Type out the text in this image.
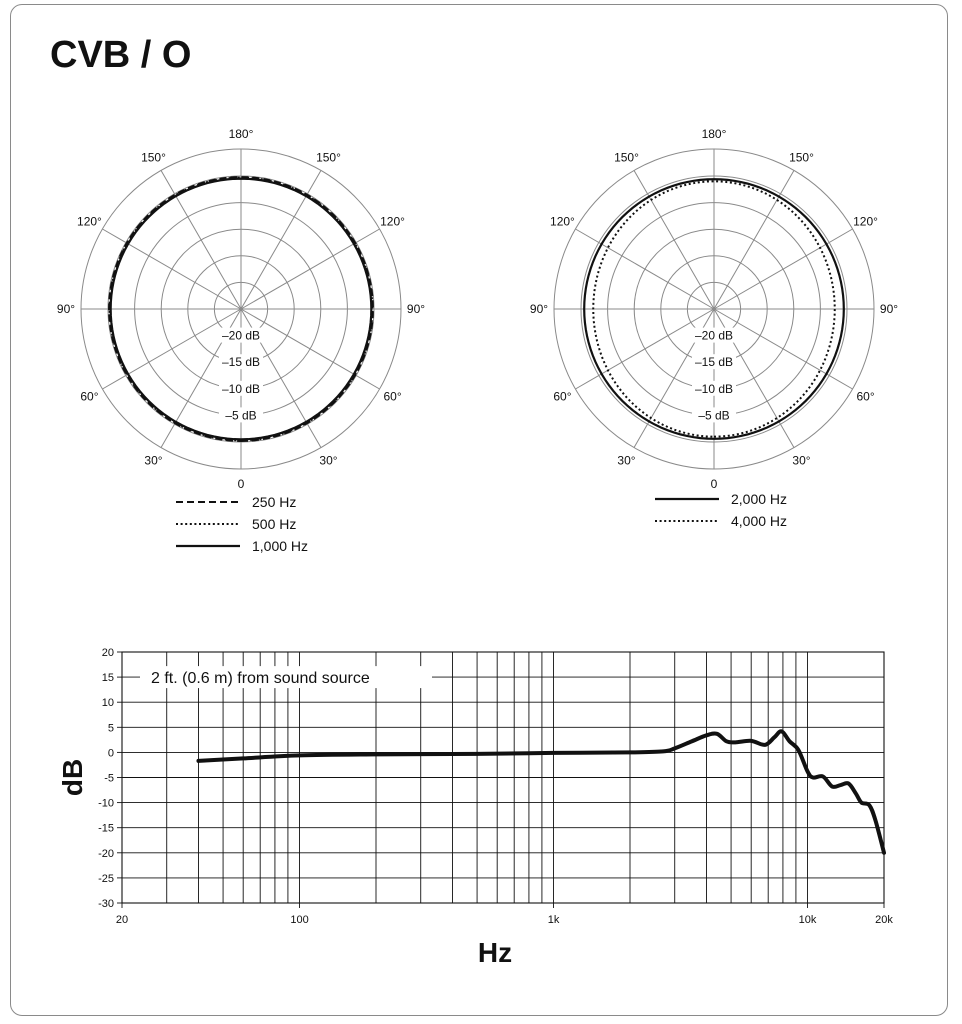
CVB / O
180°
150°	150°
120°	120°
90°	90°
60°	60°
30°	30°
0
–20 dB
–15 dB
–10 dB
–5 dB
180°
150°	150°
120°	120°
90°	90°
60°	60°
30°	30°
0
–20 dB
–15 dB
–10 dB
–5 dB
250 Hz
500 Hz
1,000 Hz
2,000 Hz
4,000 Hz
20
15
10
5
0
-5
-10
-15
-20
-25
-30
20	100	1k	10k	20k
2 ft. (0.6 m) from sound source
Hz
dB
